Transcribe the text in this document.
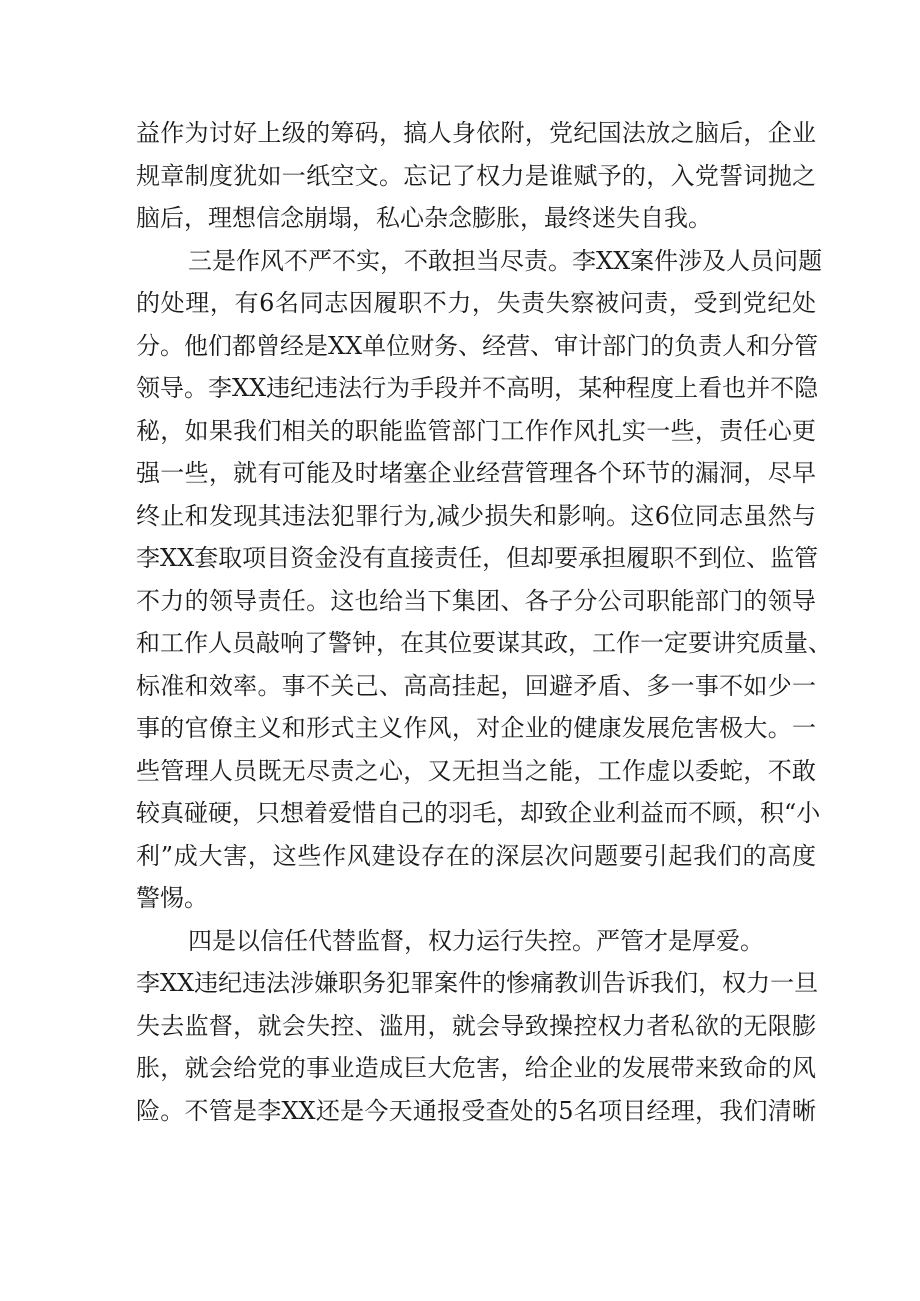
益作为讨好上级的筹码，搞人身依附，党纪国法放之脑后，企业
规章制度犹如一纸空文。忘记了权力是谁赋予的，入党誓词抛之
脑后，理想信念崩塌，私心杂念膨胀，最终迷失自我。
三是作风不严不实，不敢担当尽责。李XX案件涉及人员问题
的处理，有6名同志因履职不力，失责失察被问责，受到党纪处
分。他们都曾经是XX单位财务、经营、审计部门的负责人和分管
领导。李XX违纪违法行为手段并不高明，某种程度上看也并不隐
秘，如果我们相关的职能监管部门工作作风扎实一些，责任心更
强一些，就有可能及时堵塞企业经营管理各个环节的漏洞，尽早
终止和发现其违法犯罪行为,减少损失和影响。这6位同志虽然与
李XX套取项目资金没有直接责任，但却要承担履职不到位、监管
不力的领导责任。这也给当下集团、各子分公司职能部门的领导
和工作人员敲响了警钟，在其位要谋其政，工作一定要讲究质量、
标准和效率。事不关己、高高挂起，回避矛盾、多一事不如少一
事的官僚主义和形式主义作风，对企业的健康发展危害极大。一
些管理人员既无尽责之心，又无担当之能，工作虚以委蛇，不敢
较真碰硬，只想着爱惜自己的羽毛，却致企业利益而不顾，积“小
利”成大害，这些作风建设存在的深层次问题要引起我们的高度
警惕。
四是以信任代替监督，权力运行失控。严管才是厚爱。
李XX违纪违法涉嫌职务犯罪案件的惨痛教训告诉我们，权力一旦
失去监督，就会失控、滥用，就会导致操控权力者私欲的无限膨
胀，就会给党的事业造成巨大危害，给企业的发展带来致命的风
险。不管是李XX还是今天通报受查处的5名项目经理，我们清晰
